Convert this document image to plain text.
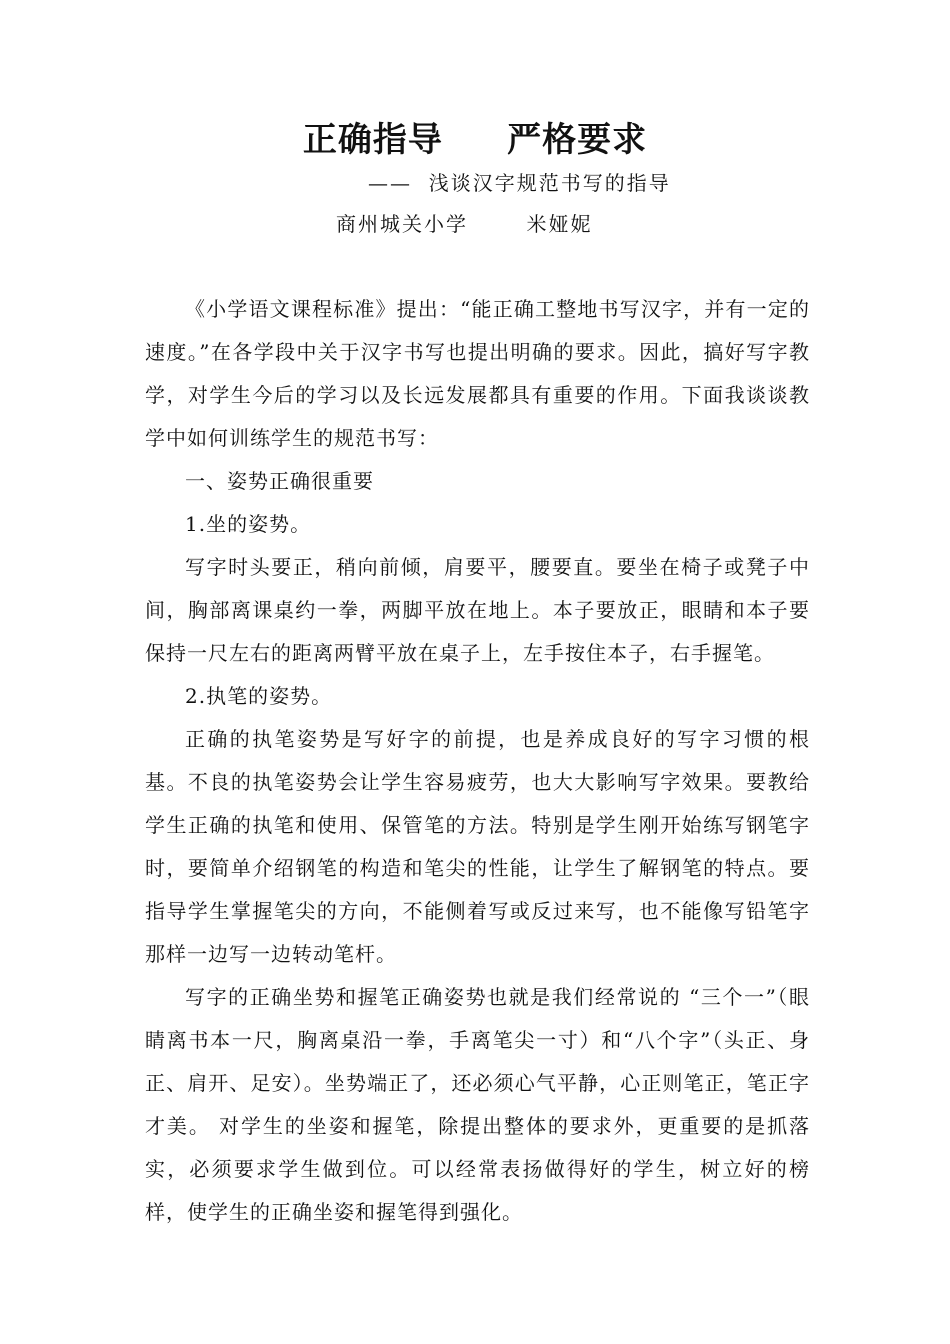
正确指导     严格要求
——  浅谈汉字规范书写的指导
商州城关小学       米娅妮

《小学语文课程标准》提出：“能正确工整地书写汉字，并有一定的速度。”在各学段中关于汉字书写也提出明确的要求。因此，搞好写字教学，对学生今后的学习以及长远发展都具有重要的作用。下面我谈谈教学中如何训练学生的规范书写：

一、姿势正确很重要

1.坐的姿势。

写字时头要正，稍向前倾，肩要平，腰要直。要坐在椅子或凳子中间，胸部离课桌约一拳，两脚平放在地上。本子要放正，眼睛和本子要保持一尺左右的距离两臂平放在桌子上，左手按住本子，右手握笔。

2.执笔的姿势。

正确的执笔姿势是写好字的前提，也是养成良好的写字习惯的根基。不良的执笔姿势会让学生容易疲劳，也大大影响写字效果。要教给学生正确的执笔和使用、保管笔的方法。特别是学生刚开始练写钢笔字时，要简单介绍钢笔的构造和笔尖的性能，让学生了解钢笔的特点。要指导学生掌握笔尖的方向，不能侧着写或反过来写，也不能像写铅笔字那样一边写一边转动笔杆。

写字的正确坐势和握笔正确姿势也就是我们经常说的 “三个一”（眼睛离书本一尺，胸离桌沿一拳，手离笔尖一寸）和“八个字”（头正、身正、肩开、足安）。坐势端正了，还必须心气平静，心正则笔正，笔正字才美。 对学生的坐姿和握笔，除提出整体的要求外，更重要的是抓落实，必须要求学生做到位。可以经常表扬做得好的学生，树立好的榜样，使学生的正确坐姿和握笔得到强化。
